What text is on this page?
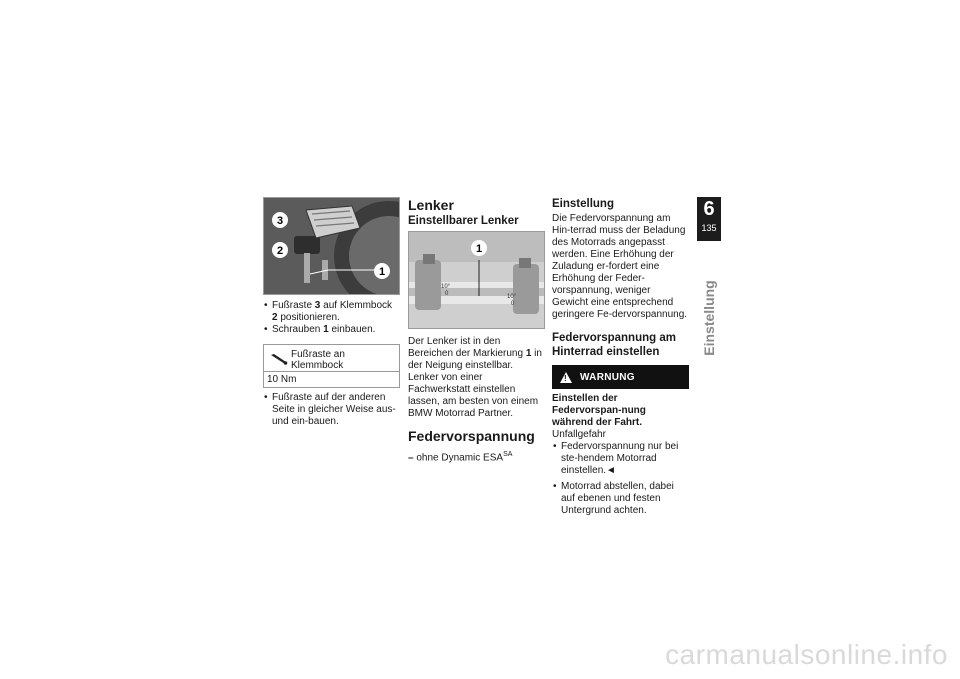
3
2
1
• Fußraste 3 auf Klemmbock 2 positionieren.
• Schrauben 1 einbauen.
Fußraste an Klemmbock
10 Nm
• Fußraste auf der anderen Seite in gleicher Weise aus- und ein-bauen.
Lenker
Einstellbarer Lenker
10°
0	10°
0
1

Der Lenker ist in den Bereichen der Markierung 1 in der Neigung einstellbar.

Lenker von einer Fachwerkstatt einstellen lassen, am besten von einem BMW Motorrad Partner.

Federvorspannung

– ohne Dynamic $ESA^{SA}$

Einstellung

Die Federvorspannung am Hin-terrad muss der Beladung des Motorrads angepasst werden. Eine Erhöhung der Zuladung er-fordert eine Erhöhung der Feder-vorspannung, weniger Gewicht eine entsprechend geringere Fe-dervorspannung.

Federvorspannung am Hinterrad einstellen
! WARNUNG

Einstellen der Federvorspan-nung während der Fahrt.

Unfallgefahr

• Federvorspannung nur bei ste-hendem Motorrad einstellen.◄
• Motorrad abstellen, dabei auf ebenen und festen Untergrund achten.
6
135
Einstellung
carmanualsonline.info
